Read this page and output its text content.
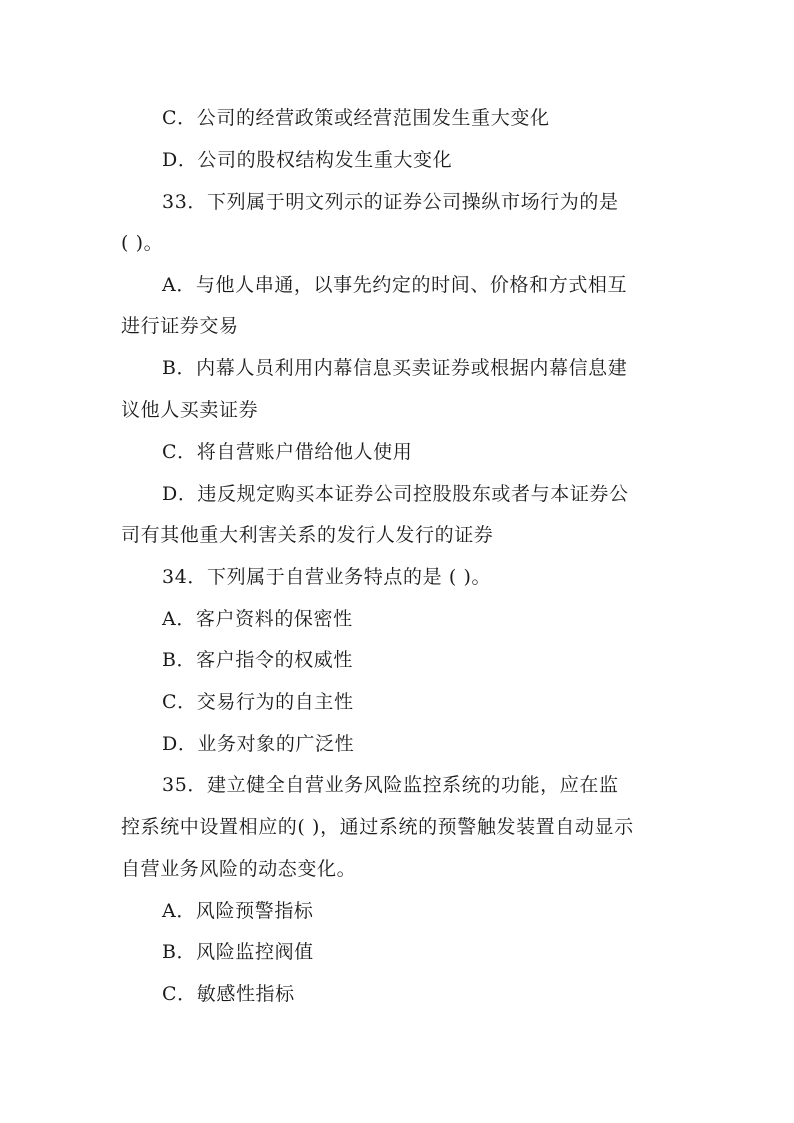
C．公司的经营政策或经营范围发生重大变化
D．公司的股权结构发生重大变化
33．下列属于明文列示的证券公司操纵市场行为的是
( )。
A．与他人串通，以事先约定的时间、价格和方式相互
进行证券交易
B．内幕人员利用内幕信息买卖证券或根据内幕信息建
议他人买卖证券
C．将自营账户借给他人使用
D．违反规定购买本证券公司控股股东或者与本证券公
司有其他重大利害关系的发行人发行的证券
34．下列属于自营业务特点的是 ( )。
A．客户资料的保密性
B．客户指令的权威性
C．交易行为的自主性
D．业务对象的广泛性
35．建立健全自营业务风险监控系统的功能，应在监
控系统中设置相应的( )，通过系统的预警触发装置自动显示
自营业务风险的动态变化。
A．风险预警指标
B．风险监控阀值
C．敏感性指标
